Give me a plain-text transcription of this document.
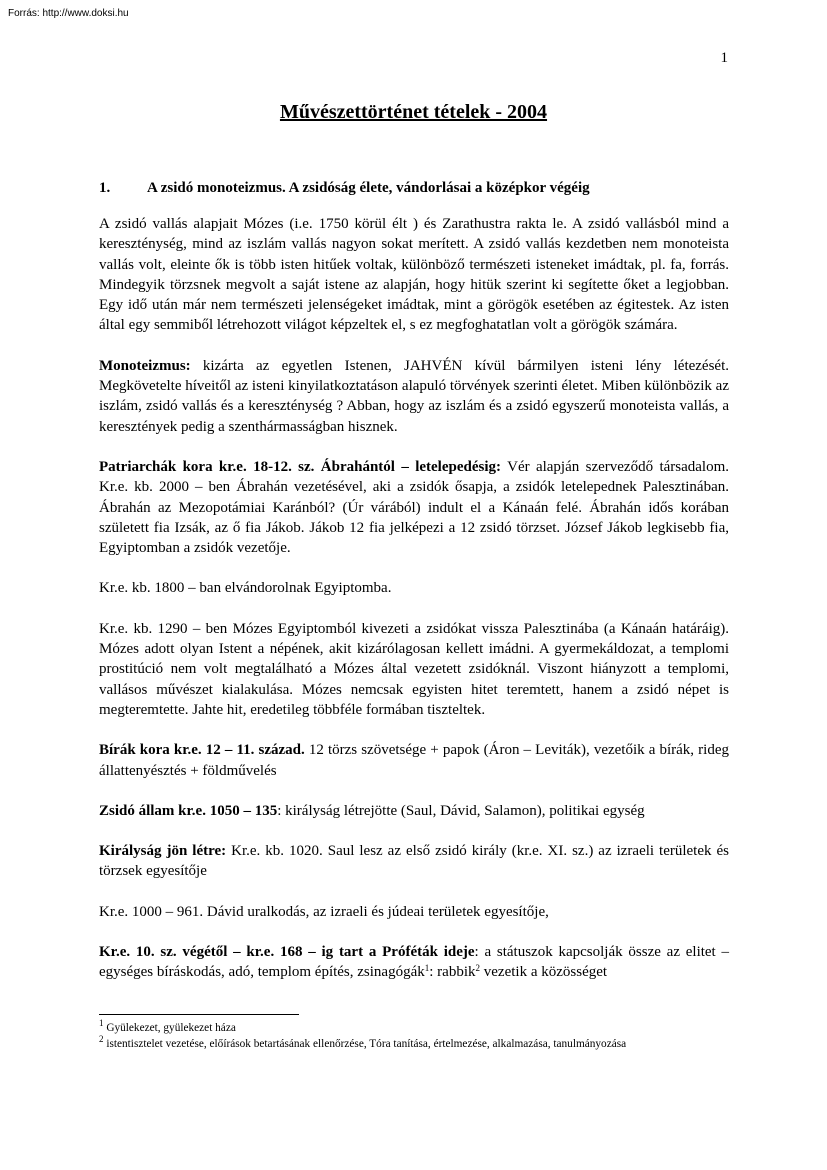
Forrás: http://www.doksi.hu
1
Művészettörténet tételek - 2004
1. A zsidó monoteizmus. A zsidóság élete, vándorlásai a középkor végéig

A zsidó vallás alapjait Mózes (i.e. 1750 körül élt ) és Zarathustra rakta le. A zsidó vallásból mind a kereszténység, mind az iszlám vallás nagyon sokat merített. A zsidó vallás kezdetben nem monoteista vallás volt, eleinte ők is több isten hitűek voltak, különböző természeti isteneket imádtak, pl. fa, forrás. Mindegyik törzsnek megvolt a saját istene az alapján, hogy hitük szerint ki segítette őket a legjobban. Egy idő után már nem természeti jelenségeket imádtak, mint a görögök esetében az égitestek. Az isten által egy semmiből létrehozott világot képzeltek el, s ez megfoghatatlan volt a görögök számára.

Monoteizmus: kizárta az egyetlen Istenen, JAHVÉN kívül bármilyen isteni lény létezését. Megkövetelte híveitől az isteni kinyilatkoztatáson alapuló törvények szerinti életet. Miben különbözik az iszlám, zsidó vallás és a kereszténység ? Abban, hogy az iszlám és a zsidó egyszerű monoteista vallás, a keresztények pedig a szenthármasságban hisznek.

Patriarchák kora kr.e. 18-12. sz. Ábrahántól – letelepedésig: Vér alapján szerveződő társadalom. Kr.e. kb. 2000 – ben Ábrahán vezetésével, aki a zsidók ősapja, a zsidók letelepednek Palesztinában. Ábrahán az Mezopotámiai Karánból? (Úr várából) indult el a Kánaán felé. Ábrahán idős korában született fia Izsák, az ő fia Jákob. Jákob 12 fia jelképezi a 12 zsidó törzset. József Jákob legkisebb fia, Egyiptomban a zsidók vezetője.

Kr.e. kb. 1800 – ban elvándorolnak Egyiptomba.

Kr.e. kb. 1290 – ben Mózes Egyiptomból kivezeti a zsidókat vissza Palesztinába (a Kánaán határáig). Mózes adott olyan Istent a népének, akit kizárólagosan kellett imádni. A gyermekáldozat, a templomi prostitúció nem volt megtalálható a Mózes által vezetett zsidóknál. Viszont hiányzott a templomi, vallásos művészet kialakulása. Mózes nemcsak egyisten hitet teremtett, hanem a zsidó népet is megteremtette. Jahte hit, eredetileg többféle formában tiszteltek.

Bírák kora kr.e. 12 – 11. század. 12 törzs szövetsége + papok (Áron – Leviták), vezetőik a bírák, rideg állattenyésztés + földművelés

Zsidó állam kr.e. 1050 – 135: királyság létrejötte (Saul, Dávid, Salamon), politikai egység

Királyság jön létre: Kr.e. kb. 1020. Saul lesz az első zsidó király (kr.e. XI. sz.) az izraeli területek és törzsek egyesítője

Kr.e. 1000 – 961. Dávid uralkodás, az izraeli és júdeai területek egyesítője,

Kr.e. 10. sz. végétől – kr.e. 168 – ig tart a Próféták ideje: a státuszok kapcsolják össze az elitet – egységes bíráskodás, adó, templom építés, zsinagógák$^1$: rabbik$^2$ vezetik a közösséget

$^1$ Gyülekezet, gyülekezet háza
$^2$ istentisztelet vezetése, előírások betartásának ellenőrzése, Tóra tanítása, értelmezése, alkalmazása, tanulmányozása
